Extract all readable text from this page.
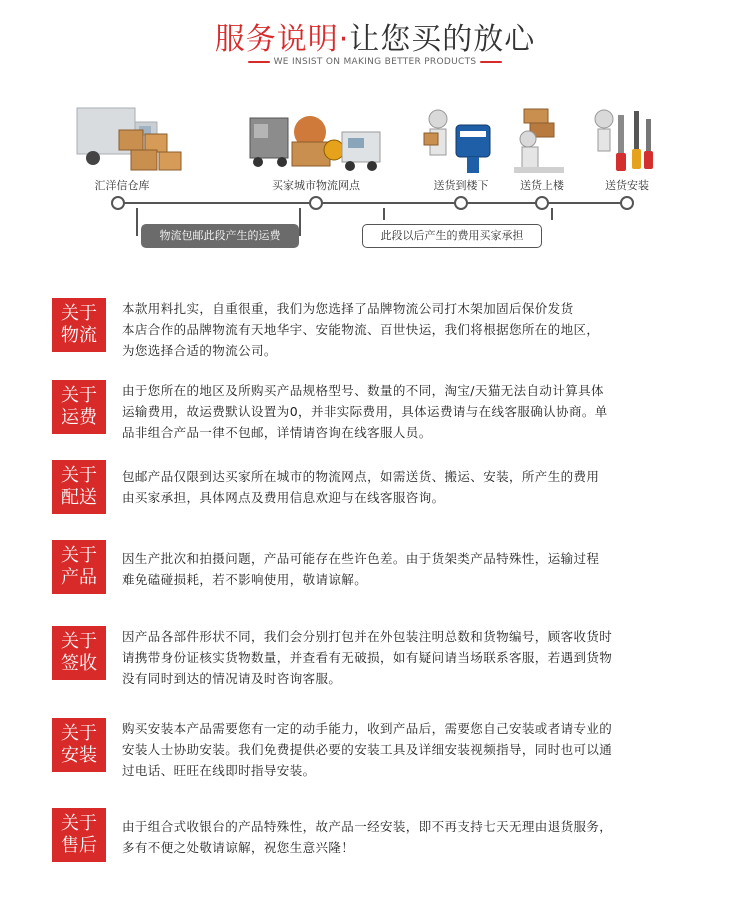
服务说明·让您买的放心
WE INSIST ON MAKING BETTER PRODUCTS
汇洋信仓库	买家城市物流网点	送货到楼下	送货上楼	送货安装
物流包邮此段产生的运费	此段以后产生的费用买家承担
关于
物流
本款用料扎实，自重很重，我们为您选择了品牌物流公司打木架加固后保价发货
本店合作的品牌物流有天地华宇、安能物流、百世快运，我们将根据您所在的地区，
为您选择合适的物流公司。
关于
运费
由于您所在的地区及所购买产品规格型号、数量的不同，淘宝/天猫无法自动计算具体
运输费用，故运费默认设置为0，并非实际费用，具体运费请与在线客服确认协商。单
品非组合产品一律不包邮，详情请咨询在线客服人员。
关于
配送
包邮产品仅限到达买家所在城市的物流网点，如需送货、搬运、安装，所产生的费用
由买家承担，具体网点及费用信息欢迎与在线客服咨询。
关于
产品
因生产批次和拍摄问题，产品可能存在些许色差。由于货架类产品特殊性，运输过程
难免磕碰损耗，若不影响使用，敬请谅解。
关于
签收
因产品各部件形状不同，我们会分别打包并在外包装注明总数和货物编号，顾客收货时
请携带身份证核实货物数量，并查看有无破损，如有疑问请当场联系客服，若遇到货物
没有同时到达的情况请及时咨询客服。
关于
安装
购买安装本产品需要您有一定的动手能力，收到产品后，需要您自己安装或者请专业的
安装人士协助安装。我们免费提供必要的安装工具及详细安装视频指导，同时也可以通
过电话、旺旺在线即时指导安装。
关于
售后
由于组合式收银台的产品特殊性，故产品一经安装，即不再支持七天无理由退货服务，
多有不便之处敬请谅解，祝您生意兴隆！
